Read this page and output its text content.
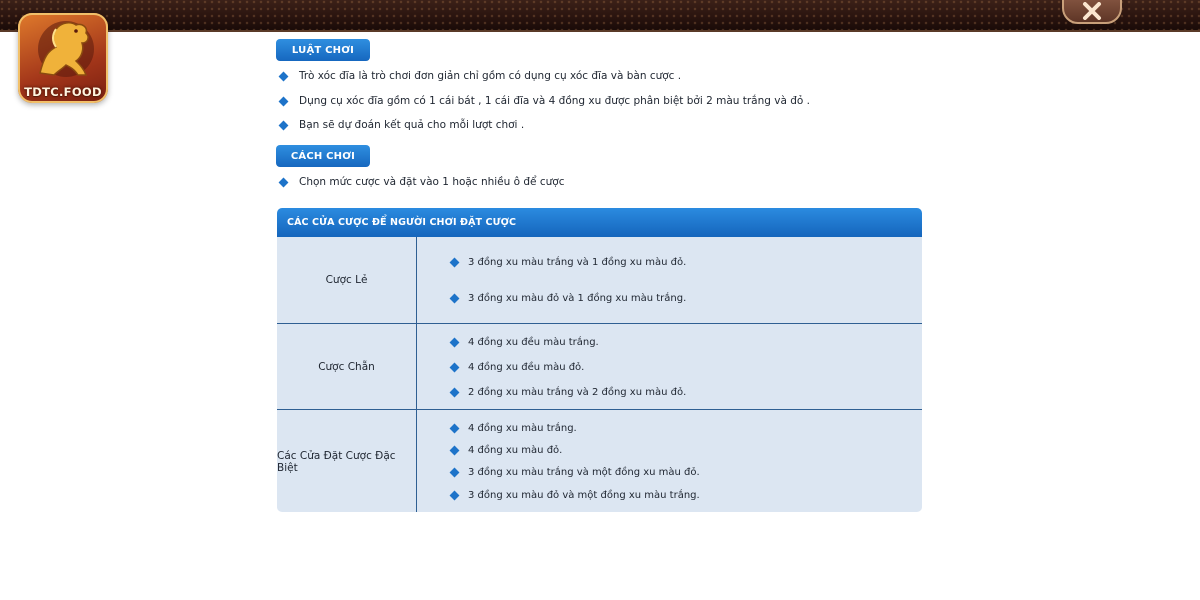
TDTC.FOOD
LUẬT CHƠI
Trò xóc đĩa là trò chơi đơn giản chỉ gồm có dụng cụ xóc đĩa và bàn cược .
Dụng cụ xóc đĩa gồm có 1 cái bát , 1 cái đĩa và 4 đồng xu được phân biệt bởi 2 màu trắng và đỏ .
Bạn sẽ dự đoán kết quả cho mỗi lượt chơi .
CÁCH CHƠI
Chọn mức cược và đặt vào 1 hoặc nhiều ô để cược
CÁC CỬA CƯỢC ĐỂ NGƯỜI CHƠI ĐẶT CƯỢC
Cược Lẻ
3 đồng xu màu trắng và 1 đồng xu màu đỏ.
3 đồng xu màu đỏ và 1 đồng xu màu trắng.
Cược Chẵn
4 đồng xu đều màu trắng.
4 đồng xu đều màu đỏ.
2 đồng xu màu trắng và 2 đồng xu màu đỏ.
Các Cửa Đặt Cược Đặc Biệt
4 đồng xu màu trắng.
4 đồng xu màu đỏ.
3 đồng xu màu trắng và một đồng xu màu đỏ.
3 đồng xu màu đỏ và một đồng xu màu trắng.
